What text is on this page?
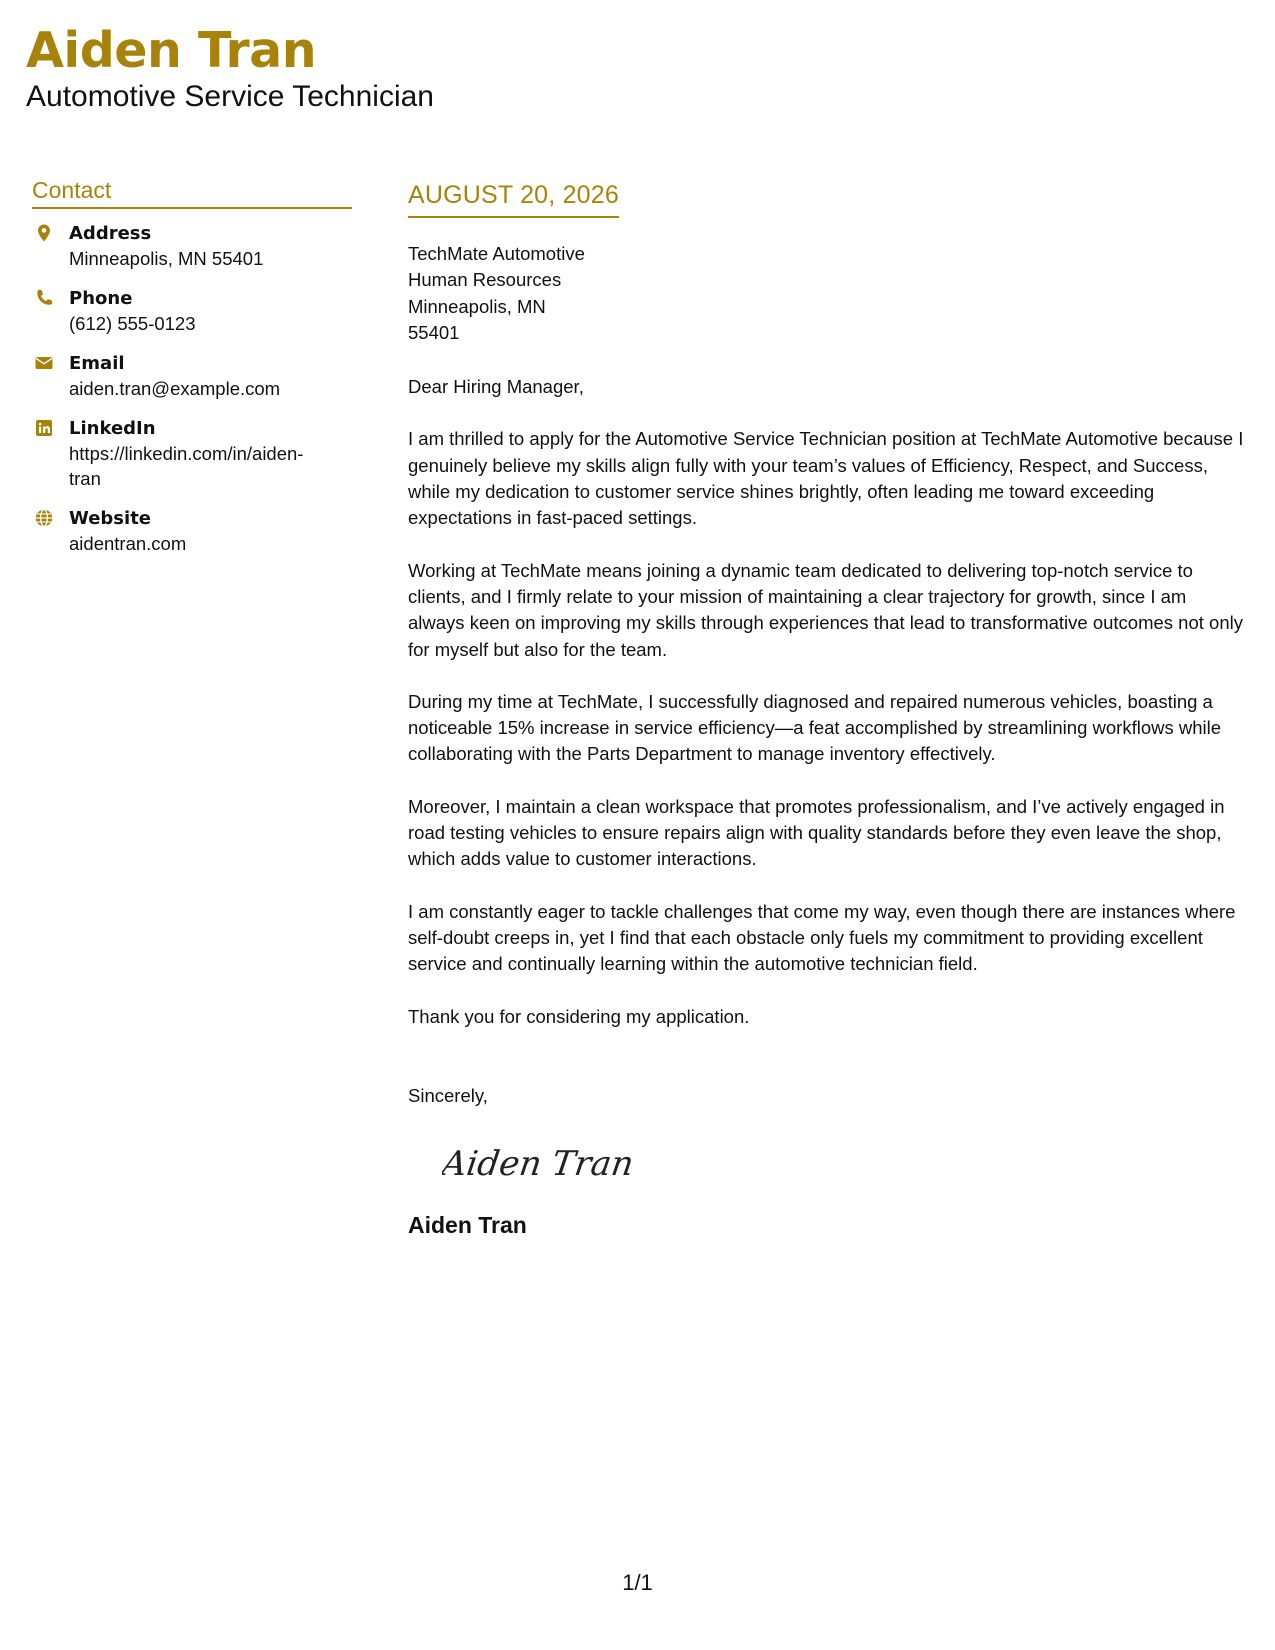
Aiden Tran
Automotive Service Technician
Contact
Address
Minneapolis, MN 55401
Phone
(612) 555-0123
Email
aiden.tran@example.com
LinkedIn
https://linkedin.com/in/aiden-tran
Website
aidentran.com
AUGUST 20, 2026
TechMate Automotive
Human Resources
Minneapolis, MN
55401
Dear Hiring Manager,

I am thrilled to apply for the Automotive Service Technician position at TechMate Automotive because I genuinely believe my skills align fully with your team’s values of Efficiency, Respect, and Success, while my dedication to customer service shines brightly, often leading me toward exceeding expectations in fast-paced settings.

Working at TechMate means joining a dynamic team dedicated to delivering top-notch service to clients, and I firmly relate to your mission of maintaining a clear trajectory for growth, since I am always keen on improving my skills through experiences that lead to transformative outcomes not only for myself but also for the team.

During my time at TechMate, I successfully diagnosed and repaired numerous vehicles, boasting a noticeable 15% increase in service efficiency—a feat accomplished by streamlining workflows while collaborating with the Parts Department to manage inventory effectively.

Moreover, I maintain a clean workspace that promotes professionalism, and I’ve actively engaged in road testing vehicles to ensure repairs align with quality standards before they even leave the shop, which adds value to customer interactions.

I am constantly eager to tackle challenges that come my way, even though there are instances where self-doubt creeps in, yet I find that each obstacle only fuels my commitment to providing excellent service and continually learning within the automotive technician field.

Thank you for considering my application.

Sincerely,
Aiden Tran
Aiden Tran
1/1
